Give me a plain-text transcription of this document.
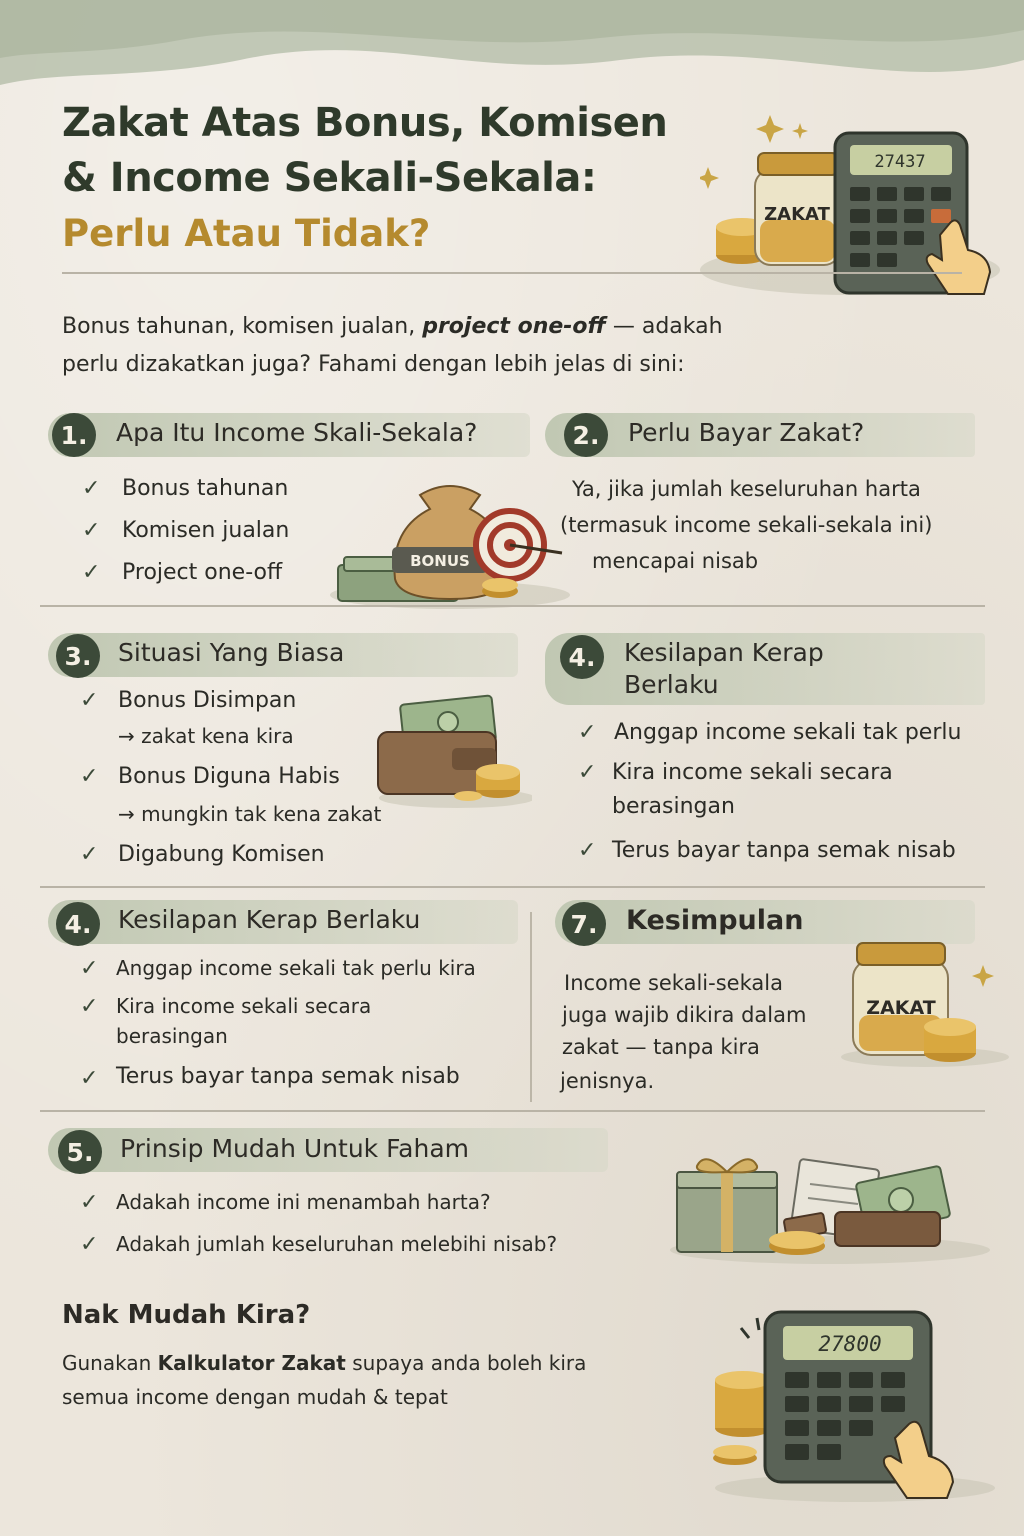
Zakat Atas Bonus, Komisen
& Income Sekali-Sekala:
Perlu Atau Tidak?	ZAKAT
27437
Bonus tahunan, komisen jualan, project one-off — adakah perlu dizakatkan juga? Fahami dengan lebih jelas di sini:
1.	Apa Itu Income Skali-Sekala?
✓ Bonus tahunan
✓ Komisen jualan
✓ Project one-off	BONUS
2.	Perlu Bayar Zakat?
Ya, jika jumlah keseluruhan harta
(termasuk income sekali-sekala ini)
mencapai nisab
3.	Situasi Yang Biasa
✓ Bonus Disimpan
→ zakat kena kira
✓ Bonus Diguna Habis
→ mungkin tak kena zakat
✓ Digabung Komisen
4.	Kesilapan Kerap
Berlaku
✓ Anggap income sekali tak perlu
✓ Kira income sekali secara
berasingan
✓ Terus bayar tanpa semak nisab
4.	Kesilapan Kerap Berlaku
✓ Anggap income sekali tak perlu kira
✓ Kira income sekali secara
berasingan
✓ Terus bayar tanpa semak nisab
7.	Kesimpulan
Income sekali-sekala
juga wajib dikira dalam
zakat — tanpa kira
jenisnya.
ZAKAT
5.	Prinsip Mudah Untuk Faham
✓ Adakah income ini menambah harta?
✓ Adakah jumlah keseluruhan melebihi nisab?
Nak Mudah Kira?
Gunakan Kalkulator Zakat supaya anda boleh kira
semua income dengan mudah & tepat
27800
